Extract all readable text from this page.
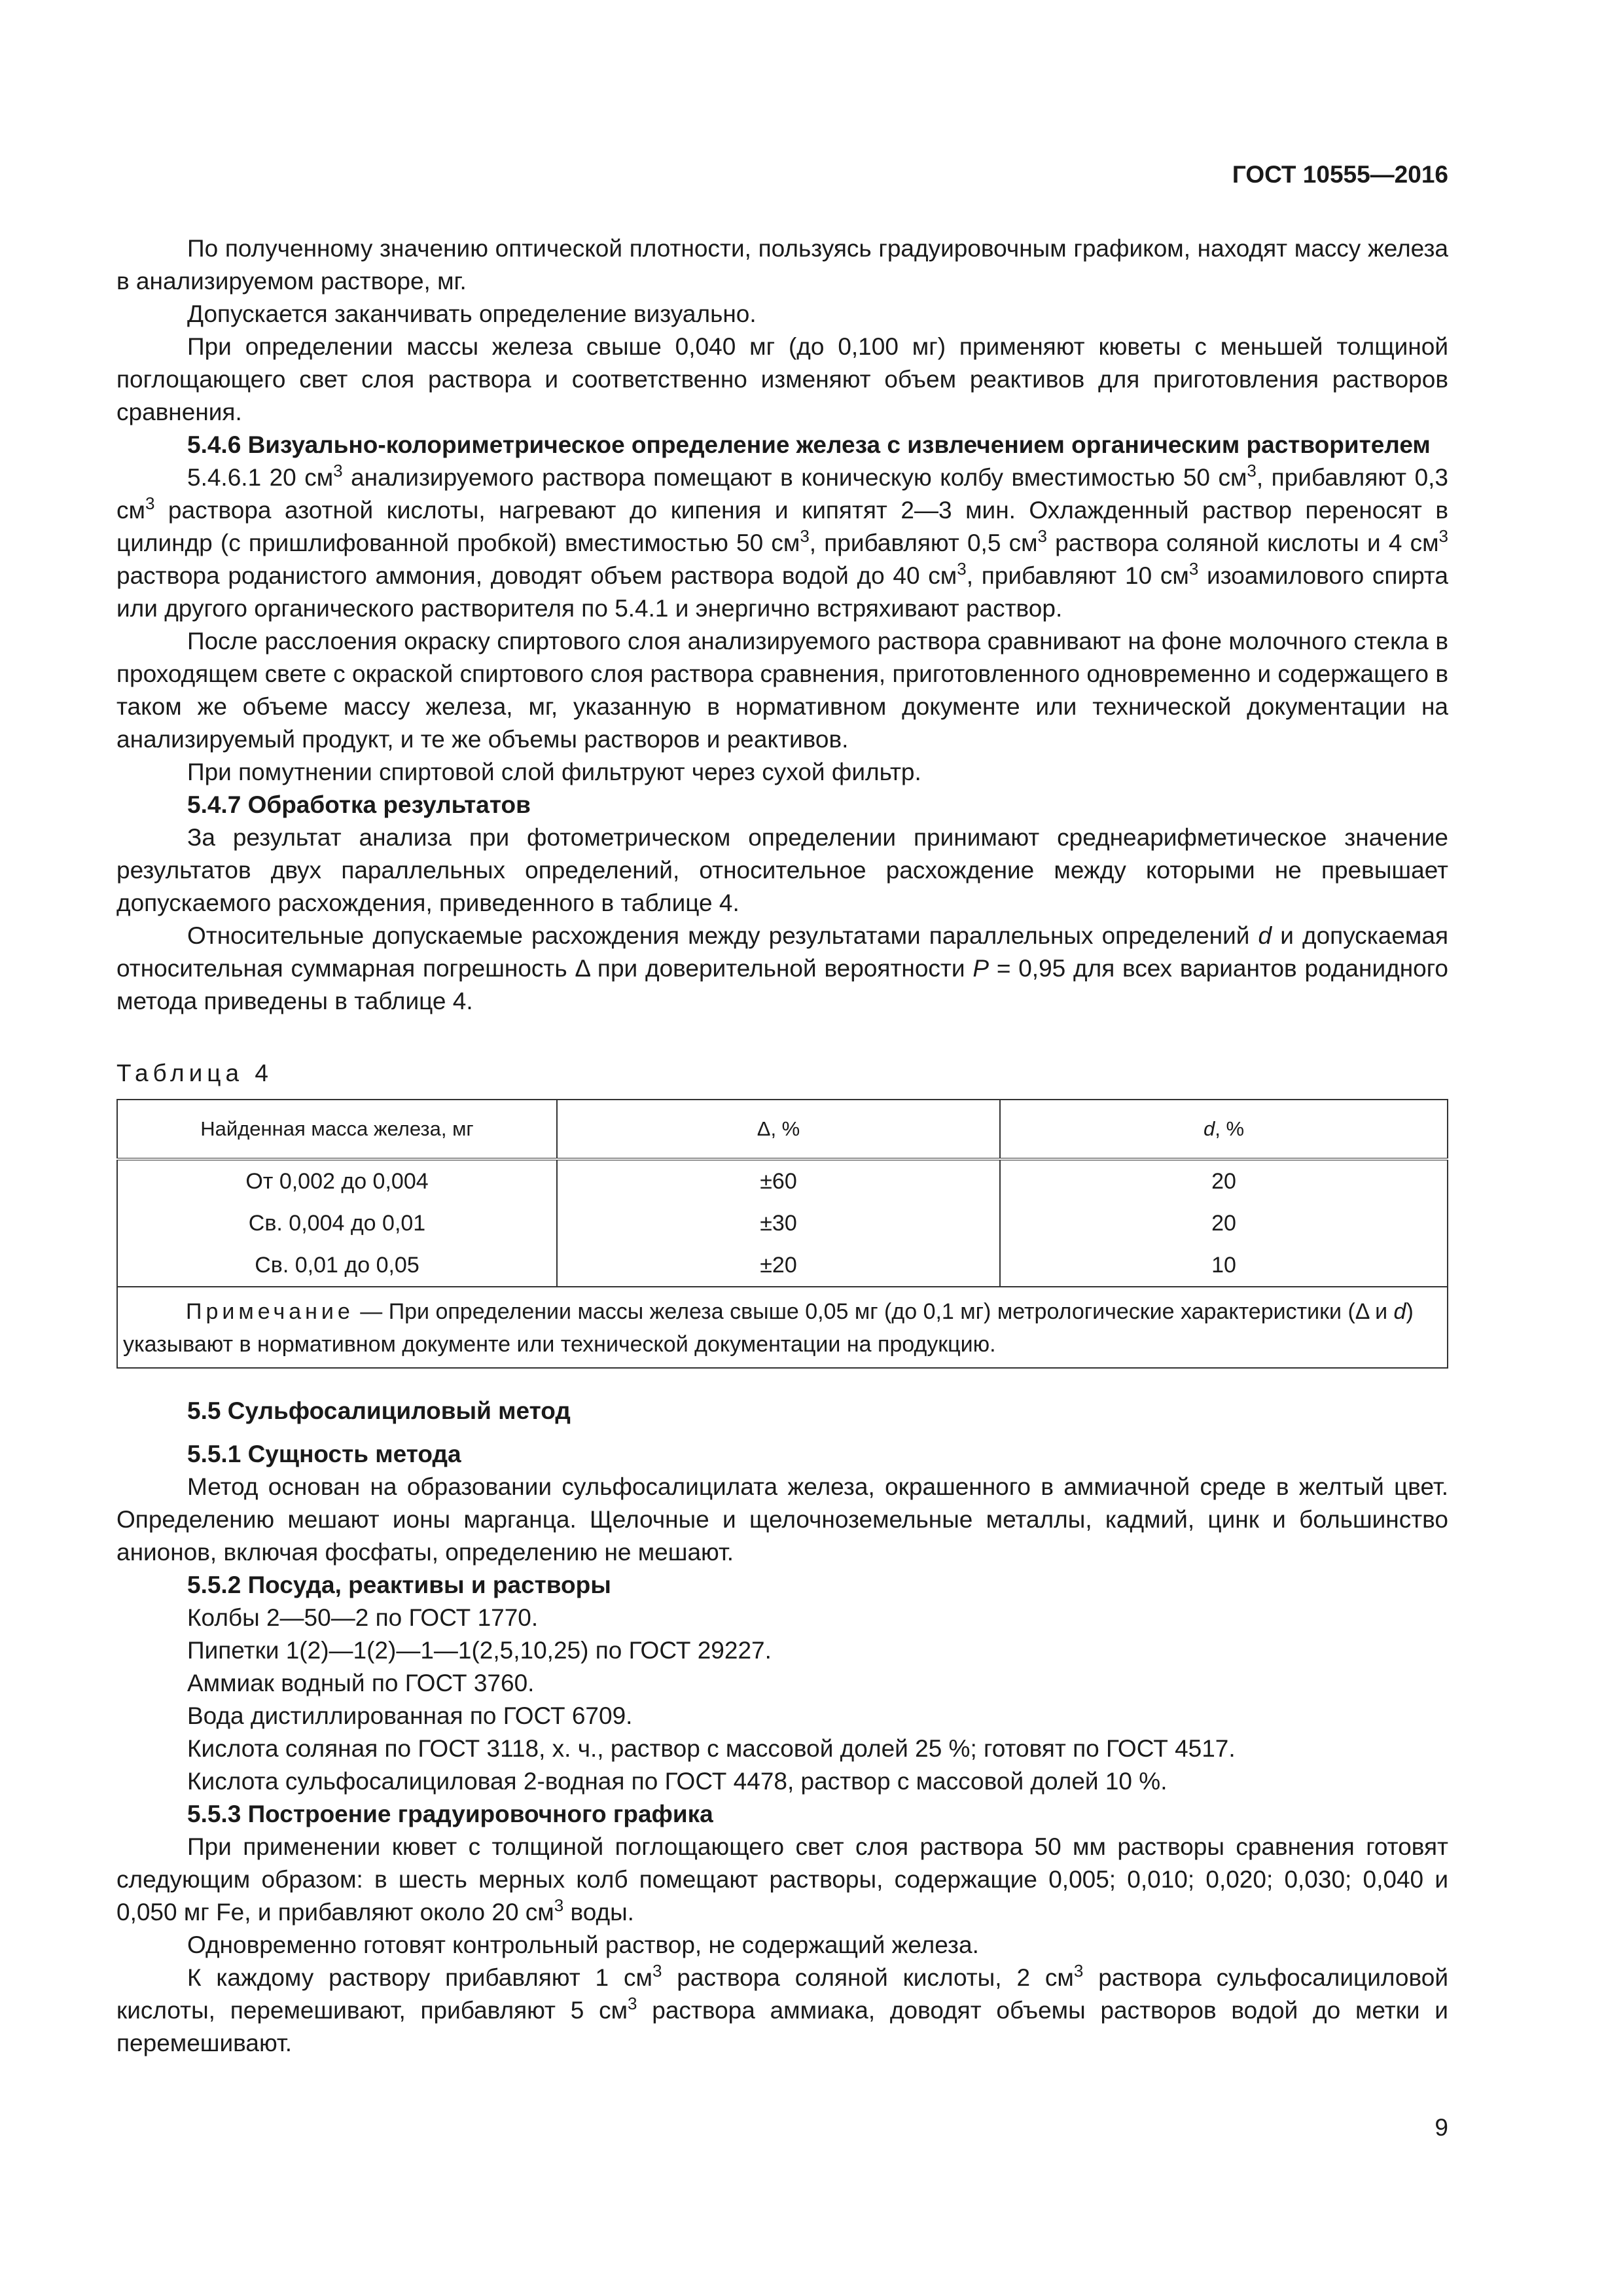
ГОСТ 10555—2016

По полученному значению оптической плотности, пользуясь градуировочным графиком, находят массу железа в анализируемом растворе, мг.

Допускается заканчивать определение визуально.

При определении массы железа свыше 0,040 мг (до 0,100 мг) применяют кюветы с меньшей толщиной поглощающего свет слоя раствора и соответственно изменяют объем реактивов для приготовления растворов сравнения.

5.4.6 Визуально-колориметрическое определение железа с извлечением органическим растворителем

5.4.6.1 20 $см^3$ анализируемого раствора помещают в коническую колбу вместимостью 50 $см^3$, прибавляют 0,3 $см^3$ раствора азотной кислоты, нагревают до кипения и кипятят 2—3 мин. Охлажденный раствор переносят в цилиндр (с пришлифованной пробкой) вместимостью 50 $см^3$, прибавляют 0,5 $см^3$ раствора соляной кислоты и 4 $см^3$ раствора роданистого аммония, доводят объем раствора водой до 40 $см^3$, прибавляют 10 $см^3$ изоамилового спирта или другого органического растворителя по 5.4.1 и энергично встряхивают раствор.

После расслоения окраску спиртового слоя анализируемого раствора сравнивают на фоне молочного стекла в проходящем свете с окраской спиртового слоя раствора сравнения, приготовленного одновременно и содержащего в таком же объеме массу железа, мг, указанную в нормативном документе или технической документации на анализируемый продукт, и те же объемы растворов и реактивов.

При помутнении спиртовой слой фильтруют через сухой фильтр.

5.4.7 Обработка результатов

За результат анализа при фотометрическом определении принимают среднеарифметическое значение результатов двух параллельных определений, относительное расхождение между которыми не превышает допускаемого расхождения, приведенного в таблице 4.

Относительные допускаемые расхождения между результатами параллельных определений d и допускаемая относительная суммарная погрешность Δ при доверительной вероятности P = 0,95 для всех вариантов роданидного метода приведены в таблице 4.

Таблица 4

Найденная масса железа, мг	Δ, %	d, %
От 0,002 до 0,004	±60	20
Св. 0,004 до 0,01	±30	20
Св. 0,01 до 0,05	±20	10
Примечание — При определении массы железа свыше 0,05 мг (до 0,1 мг) метрологические характеристики (Δ и d) указывают в нормативном документе или технической документации на продукцию.		

5.5 Сульфосалициловый метод

5.5.1 Сущность метода

Метод основан на образовании сульфосалицилата железа, окрашенного в аммиачной среде в желтый цвет. Определению мешают ионы марганца. Щелочные и щелочноземельные металлы, кадмий, цинк и большинство анионов, включая фосфаты, определению не мешают.

5.5.2 Посуда, реактивы и растворы

Колбы 2—50—2 по ГОСТ 1770.

Пипетки 1(2)—1(2)—1—1(2,5,10,25) по ГОСТ 29227.

Аммиак водный по ГОСТ 3760.

Вода дистиллированная по ГОСТ 6709.

Кислота соляная по ГОСТ 3118, х. ч., раствор с массовой долей 25 %; готовят по ГОСТ 4517.

Кислота сульфосалициловая 2-водная по ГОСТ 4478, раствор с массовой долей 10 %.

5.5.3 Построение градуировочного графика

При применении кювет с толщиной поглощающего свет слоя раствора 50 мм растворы сравнения готовят следующим образом: в шесть мерных колб помещают растворы, содержащие 0,005; 0,010; 0,020; 0,030; 0,040 и 0,050 мг Fe, и прибавляют около 20 $см^3$ воды.

Одновременно готовят контрольный раствор, не содержащий железа.

К каждому раствору прибавляют 1 $см^3$ раствора соляной кислоты, 2 $см^3$ раствора сульфосалициловой кислоты, перемешивают, прибавляют 5 $см^3$ раствора аммиака, доводят объемы растворов водой до метки и перемешивают.

9
